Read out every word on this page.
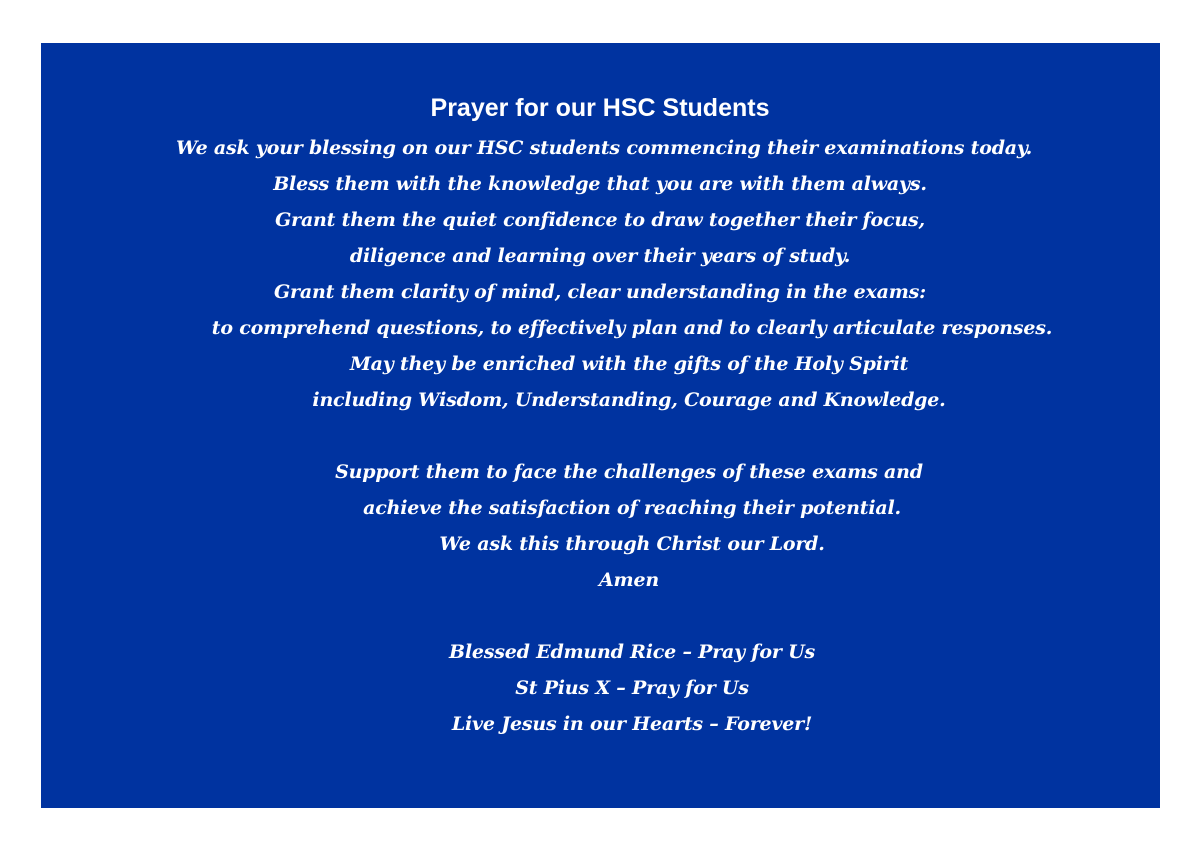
Prayer for our HSC Students
We ask your blessing on our HSC students commencing their examinations today.
Bless them with the knowledge that you are with them always.
Grant them the quiet confidence to draw together their focus,
diligence and learning over their years of study.
Grant them clarity of mind, clear understanding in the exams:
to comprehend questions, to effectively plan and to clearly articulate responses.
May they be enriched with the gifts of the Holy Spirit
including Wisdom, Understanding, Courage and Knowledge.
Support them to face the challenges of these exams and
achieve the satisfaction of reaching their potential.
We ask this through Christ our Lord.
Amen
Blessed Edmund Rice – Pray for Us
St Pius X – Pray for Us
Live Jesus in our Hearts – Forever!
